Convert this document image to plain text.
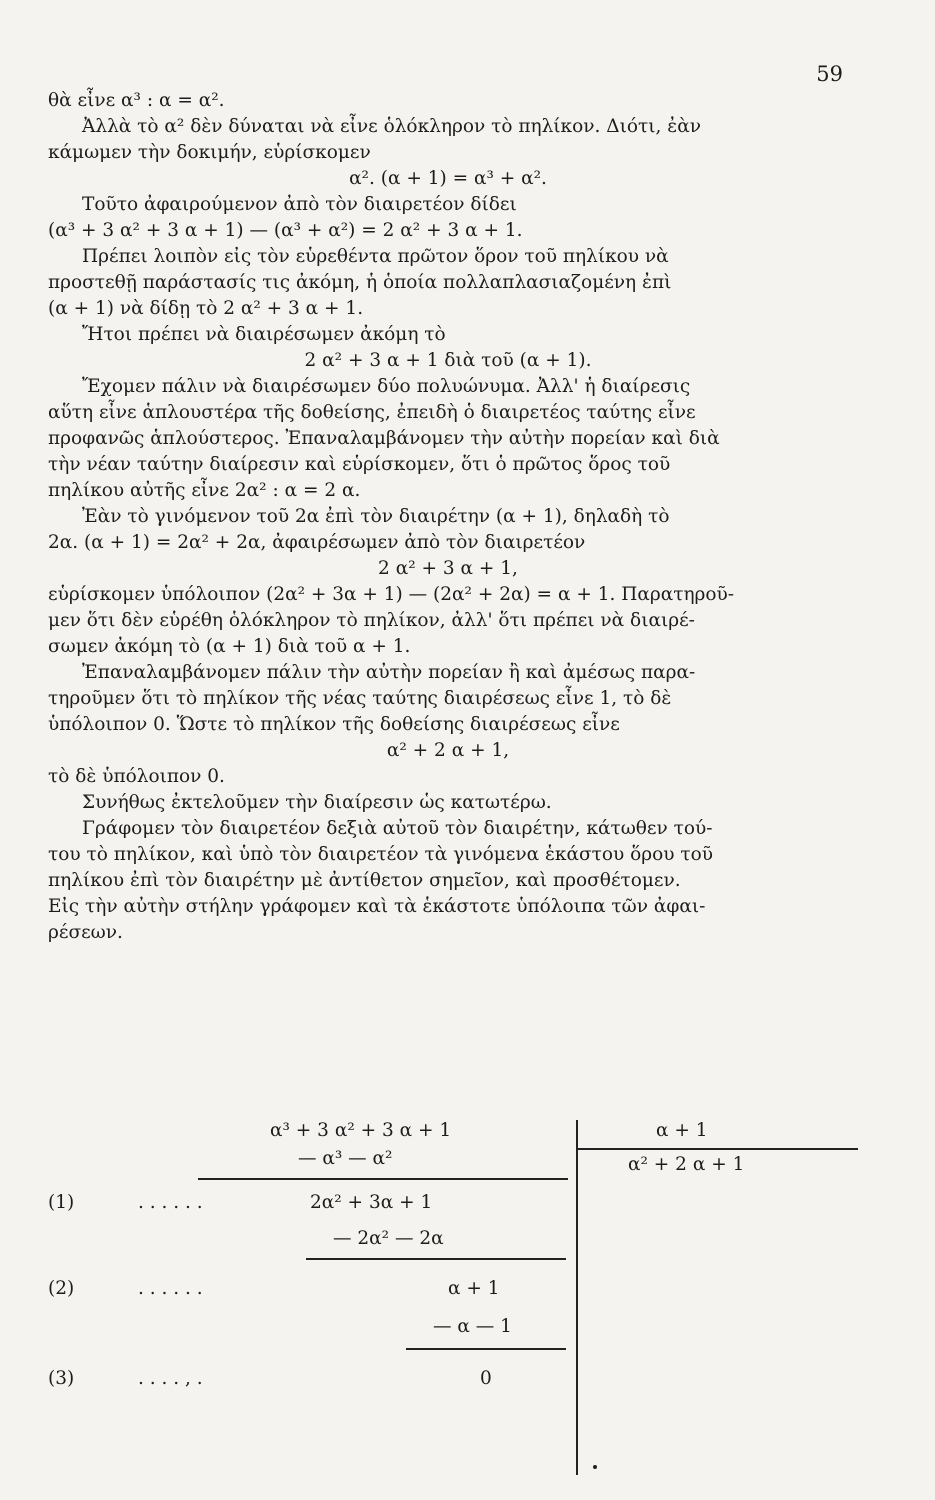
59
θὰ εἶνε α³ : α = α².
Ἀλλὰ τὸ α² δὲν δύναται νὰ εἶνε ὁλόκληρον τὸ πηλίκον. Διότι, ἐὰν
κάμωμεν τὴν δοκιμήν, εὑρίσκομεν
α². (α + 1) = α³ + α².
Τοῦτο ἀφαιρούμενον ἀπὸ τὸν διαιρετέον δίδει
(α³ + 3 α² + 3 α + 1) — (α³ + α²) = 2 α² + 3 α + 1.
Πρέπει λοιπὸν εἰς τὸν εὑρεθέντα πρῶτον ὅρον τοῦ πηλίκου νὰ
προστεθῇ παράστασίς τις ἀκόμη, ἡ ὁποία πολλαπλασιαζομένη ἐπὶ
(α + 1) νὰ δίδῃ τὸ 2 α² + 3 α + 1.
Ἤτοι πρέπει νὰ διαιρέσωμεν ἀκόμη τὸ
2 α² + 3 α + 1 διὰ τοῦ (α + 1).
Ἔχομεν πάλιν νὰ διαιρέσωμεν δύο πολυώνυμα. Ἀλλ' ἡ διαίρεσις
αὕτη εἶνε ἁπλουστέρα τῆς δοθείσης, ἐπειδὴ ὁ διαιρετέος ταύτης εἶνε
προφανῶς ἁπλούστερος. Ἐπαναλαμβάνομεν τὴν αὐτὴν πορείαν καὶ διὰ
τὴν νέαν ταύτην διαίρεσιν καὶ εὑρίσκομεν, ὅτι ὁ πρῶτος ὅρος τοῦ
πηλίκου αὐτῆς εἶνε 2α² : α = 2 α.
Ἐὰν τὸ γινόμενον τοῦ 2α ἐπὶ τὸν διαιρέτην (α + 1), δηλαδὴ τὸ
2α. (α + 1) = 2α² + 2α, ἀφαιρέσωμεν ἀπὸ τὸν διαιρετέον
2 α² + 3 α + 1,
εὑρίσκομεν ὑπόλοιπον (2α² + 3α + 1) — (2α² + 2α) = α + 1. Παρατηροῦ-
μεν ὅτι δὲν εὑρέθη ὁλόκληρον τὸ πηλίκον, ἀλλ' ὅτι πρέπει νὰ διαιρέ-
σωμεν ἀκόμη τὸ (α + 1) διὰ τοῦ α + 1.
Ἐπαναλαμβάνομεν πάλιν τὴν αὐτὴν πορείαν ἢ καὶ ἀμέσως παρα-
τηροῦμεν ὅτι τὸ πηλίκον τῆς νέας ταύτης διαιρέσεως εἶνε 1, τὸ δὲ
ὑπόλοιπον 0. Ὥστε τὸ πηλίκον τῆς δοθείσης διαιρέσεως εἶνε
α² + 2 α + 1,
τὸ δὲ ὑπόλοιπον 0.
Συνήθως ἐκτελοῦμεν τὴν διαίρεσιν ὡς κατωτέρω.
Γράφομεν τὸν διαιρετέον δεξιὰ αὐτοῦ τὸν διαιρέτην, κάτωθεν τού-
του τὸ πηλίκον, καὶ ὑπὸ τὸν διαιρετέον τὰ γινόμενα ἑκάστου ὅρου τοῦ
πηλίκου ἐπὶ τὸν διαιρέτην μὲ ἀντίθετον σημεῖον, καὶ προσθέτομεν.
Εἰς τὴν αὐτὴν στήλην γράφομεν καὶ τὰ ἑκάστοτε ὑπόλοιπα τῶν ἀφαι-
ρέσεων.
α³ + 3 α² + 3 α + 1
— α³ — α²
(1)	. . . . . .	2α² + 3α + 1
— 2α² — 2α
(2)	. . . . . .	α + 1
— α — 1
(3)	. . . . , .	0
α + 1
α² + 2 α + 1
